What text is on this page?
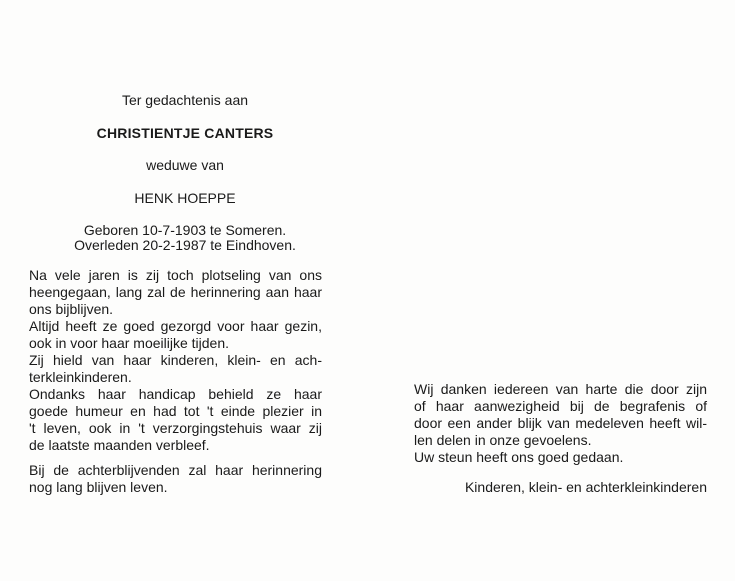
Ter gedachtenis aan
CHRISTIENTJE CANTERS
weduwe van
HENK HOEPPE
Geboren 10-7-1903 te Someren.
Overleden 20-2-1987 te Eindhoven.
Na vele jaren is zij toch plotseling van ons
heengegaan, lang zal de herinnering aan haar
ons bijblijven.
Altijd heeft ze goed gezorgd voor haar gezin,
ook in voor haar moeilijke tijden.
Zij hield van haar kinderen, klein- en ach-
terkleinkinderen.
Ondanks haar handicap behield ze haar
goede humeur en had tot 't einde plezier in
't leven, ook in 't verzorgingstehuis waar zij
de laatste maanden verbleef.
Bij de achterblijvenden zal haar herinnering
nog lang blijven leven.
Wij danken iedereen van harte die door zijn
of haar aanwezigheid bij de begrafenis of
door een ander blijk van medeleven heeft wil-
len delen in onze gevoelens.
Uw steun heeft ons goed gedaan.
Kinderen, klein- en achterkleinkinderen
